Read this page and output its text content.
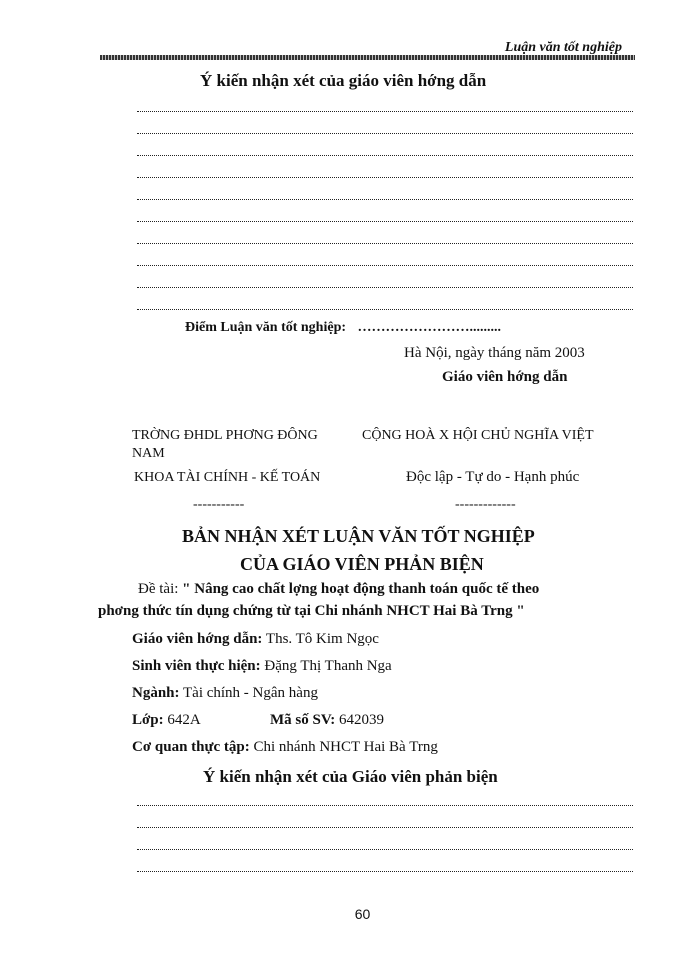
Luận văn tốt nghiệp
Ý kiến nhận xét của giáo viên hớng dẫn
Điểm Luận văn tốt nghiệp: …………………….........
Hà Nội, ngày tháng năm 2003
Giáo viên hớng dẫn
TRỜNG ĐHDL PHƠNG ĐÔNG	CỘNG HOÀ X HỘI CHỦ NGHĨA VIỆT
NAM
KHOA TÀI CHÍNH - KẾ TOÁN	Độc lập - Tự do - Hạnh phúc
-----------	-------------
BẢN NHẬN XÉT LUẬN VĂN TỐT NGHIỆP
CỦA GIÁO VIÊN PHẢN BIỆN
Đề tài: " Nâng cao chất lợng hoạt động thanh toán quốc tế theo
phơng thức tín dụng chứng từ tại Chi nhánh NHCT Hai Bà Trng "
Giáo viên hớng dẫn: Ths. Tô Kim Ngọc
Sinh viên thực hiện: Đặng Thị Thanh Nga
Ngành: Tài chính - Ngân hàng
Lớp: 642A	Mã số SV: 642039
Cơ quan thực tập: Chi nhánh NHCT Hai Bà Trng
Ý kiến nhận xét của Giáo viên phản biện
60
